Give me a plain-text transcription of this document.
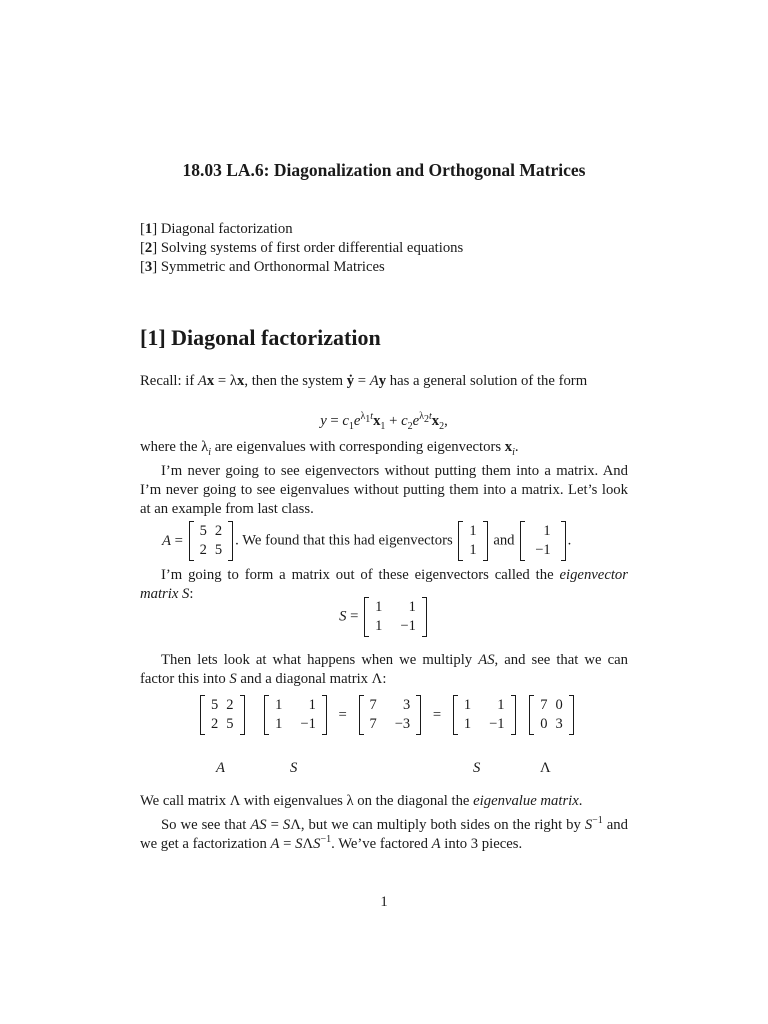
18.03 LA.6: Diagonalization and Orthogonal Matrices
[1] Diagonal factorization
[2] Solving systems of first order differential equations
[3] Symmetric and Orthonormal Matrices
[1] Diagonal factorization
Recall: if Ax = λx, then the system ẏ = Ay has a general solution of the form
$y = c_1e^{\lambda_1t}x_1 + c_2e^{\lambda_2t}x_2$,
where the $\lambda_i$ are eigenvalues with corresponding eigenvectors $x_i$.
I’m never going to see eigenvectors without putting them into a matrix. And I’m never going to see eigenvalues without putting them into a matrix. Let’s look at an example from last class.
A =
5	2
2	5
. We found that this had eigenvectors
1
1
and
1
−1
.
I’m going to form a matrix out of these eigenvectors called the eigenvector matrix S:
S =
1	1
1	−1
Then lets look at what happens when we multiply AS, and see that we can factor this into S and a diagonal matrix Λ:
5	2
2	5

1	1
1	−1
=
7	3
7	−3
=
1	1
1	−1

7	0
0	3
A	S	S	Λ
We call matrix Λ with eigenvalues λ on the diagonal the eigenvalue matrix.
So we see that AS = SΛ, but we can multiply both sides on the right by $S^{-1}$ and we get a factorization $A = S\Lambda S^{-1}$. We’ve factored A into 3 pieces.
1
